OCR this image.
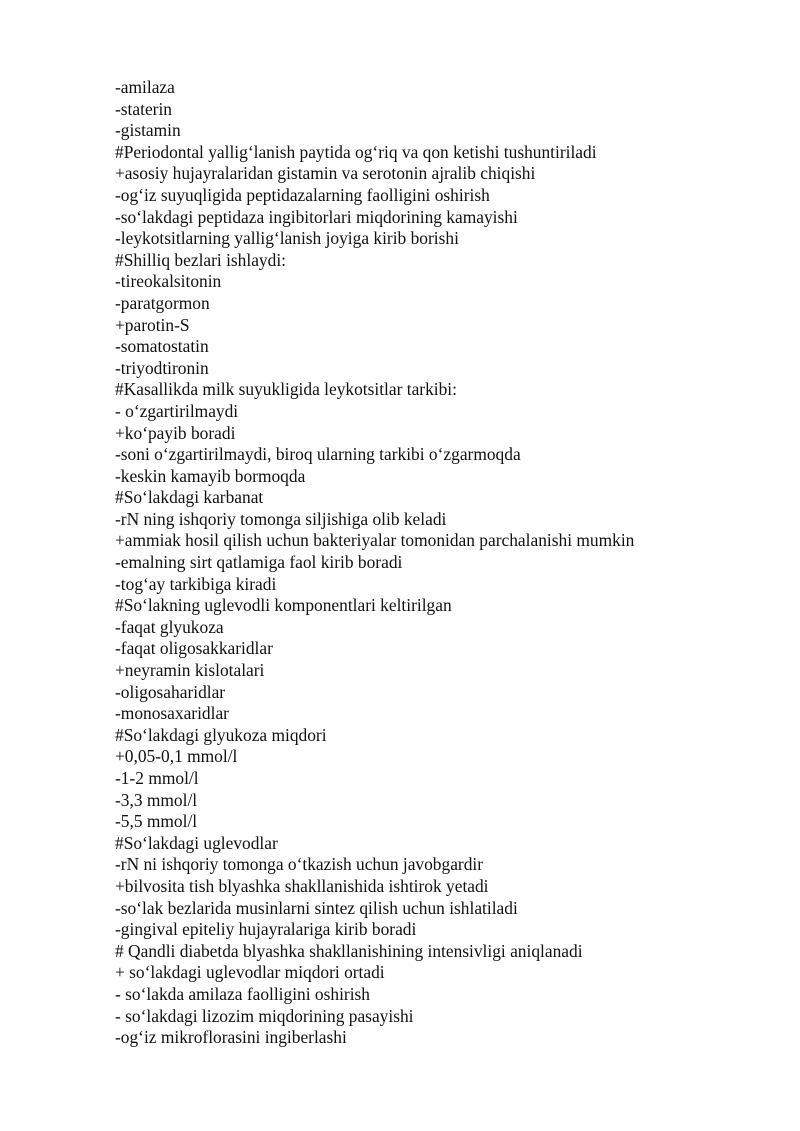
-amilaza
-staterin
-gistamin
#Periodontal yallig‘lanish paytida og‘riq va qon ketishi tushuntiriladi
+asosiy hujayralaridan gistamin va serotonin ajralib chiqishi
-og‘iz suyuqligida peptidazalarning faolligini oshirish
-so‘lakdagi peptidaza ingibitorlari miqdorining kamayishi
-leykotsitlarning yallig‘lanish joyiga kirib borishi
#Shilliq bezlari ishlaydi:
-tireokalsitonin
-paratgormon
+parotin-S
-somatostatin
-triyodtironin
#Kasallikda milk suyukligida leykotsitlar tarkibi:
- o‘zgartirilmaydi
+ko‘payib boradi
-soni o‘zgartirilmaydi, biroq ularning tarkibi o‘zgarmoqda
-keskin kamayib bormoqda
#So‘lakdagi karbanat
-rN ning ishqoriy tomonga siljishiga olib keladi
+ammiak hosil qilish uchun bakteriyalar tomonidan parchalanishi mumkin
-emalning sirt qatlamiga faol kirib boradi
-tog‘ay tarkibiga kiradi
#So‘lakning uglevodli komponentlari keltirilgan
-faqat glyukoza
-faqat oligosakkaridlar
+neyramin kislotalari
-oligosaharidlar
-monosaxaridlar
#So‘lakdagi glyukoza miqdori
+0,05-0,1 mmol/l
-1-2 mmol/l
-3,3 mmol/l
-5,5 mmol/l
#So‘lakdagi uglevodlar
-rN ni ishqoriy tomonga o‘tkazish uchun javobgardir
+bilvosita tish blyashka shakllanishida ishtirok yetadi
-so‘lak bezlarida musinlarni sintez qilish uchun ishlatiladi
-gingival epiteliy hujayralariga kirib boradi
# Qandli diabetda blyashka shakllanishining intensivligi aniqlanadi
+ so‘lakdagi uglevodlar miqdori ortadi
- so‘lakda amilaza faolligini oshirish
- so‘lakdagi lizozim miqdorining pasayishi
-og‘iz mikroflorasini ingiberlashi
